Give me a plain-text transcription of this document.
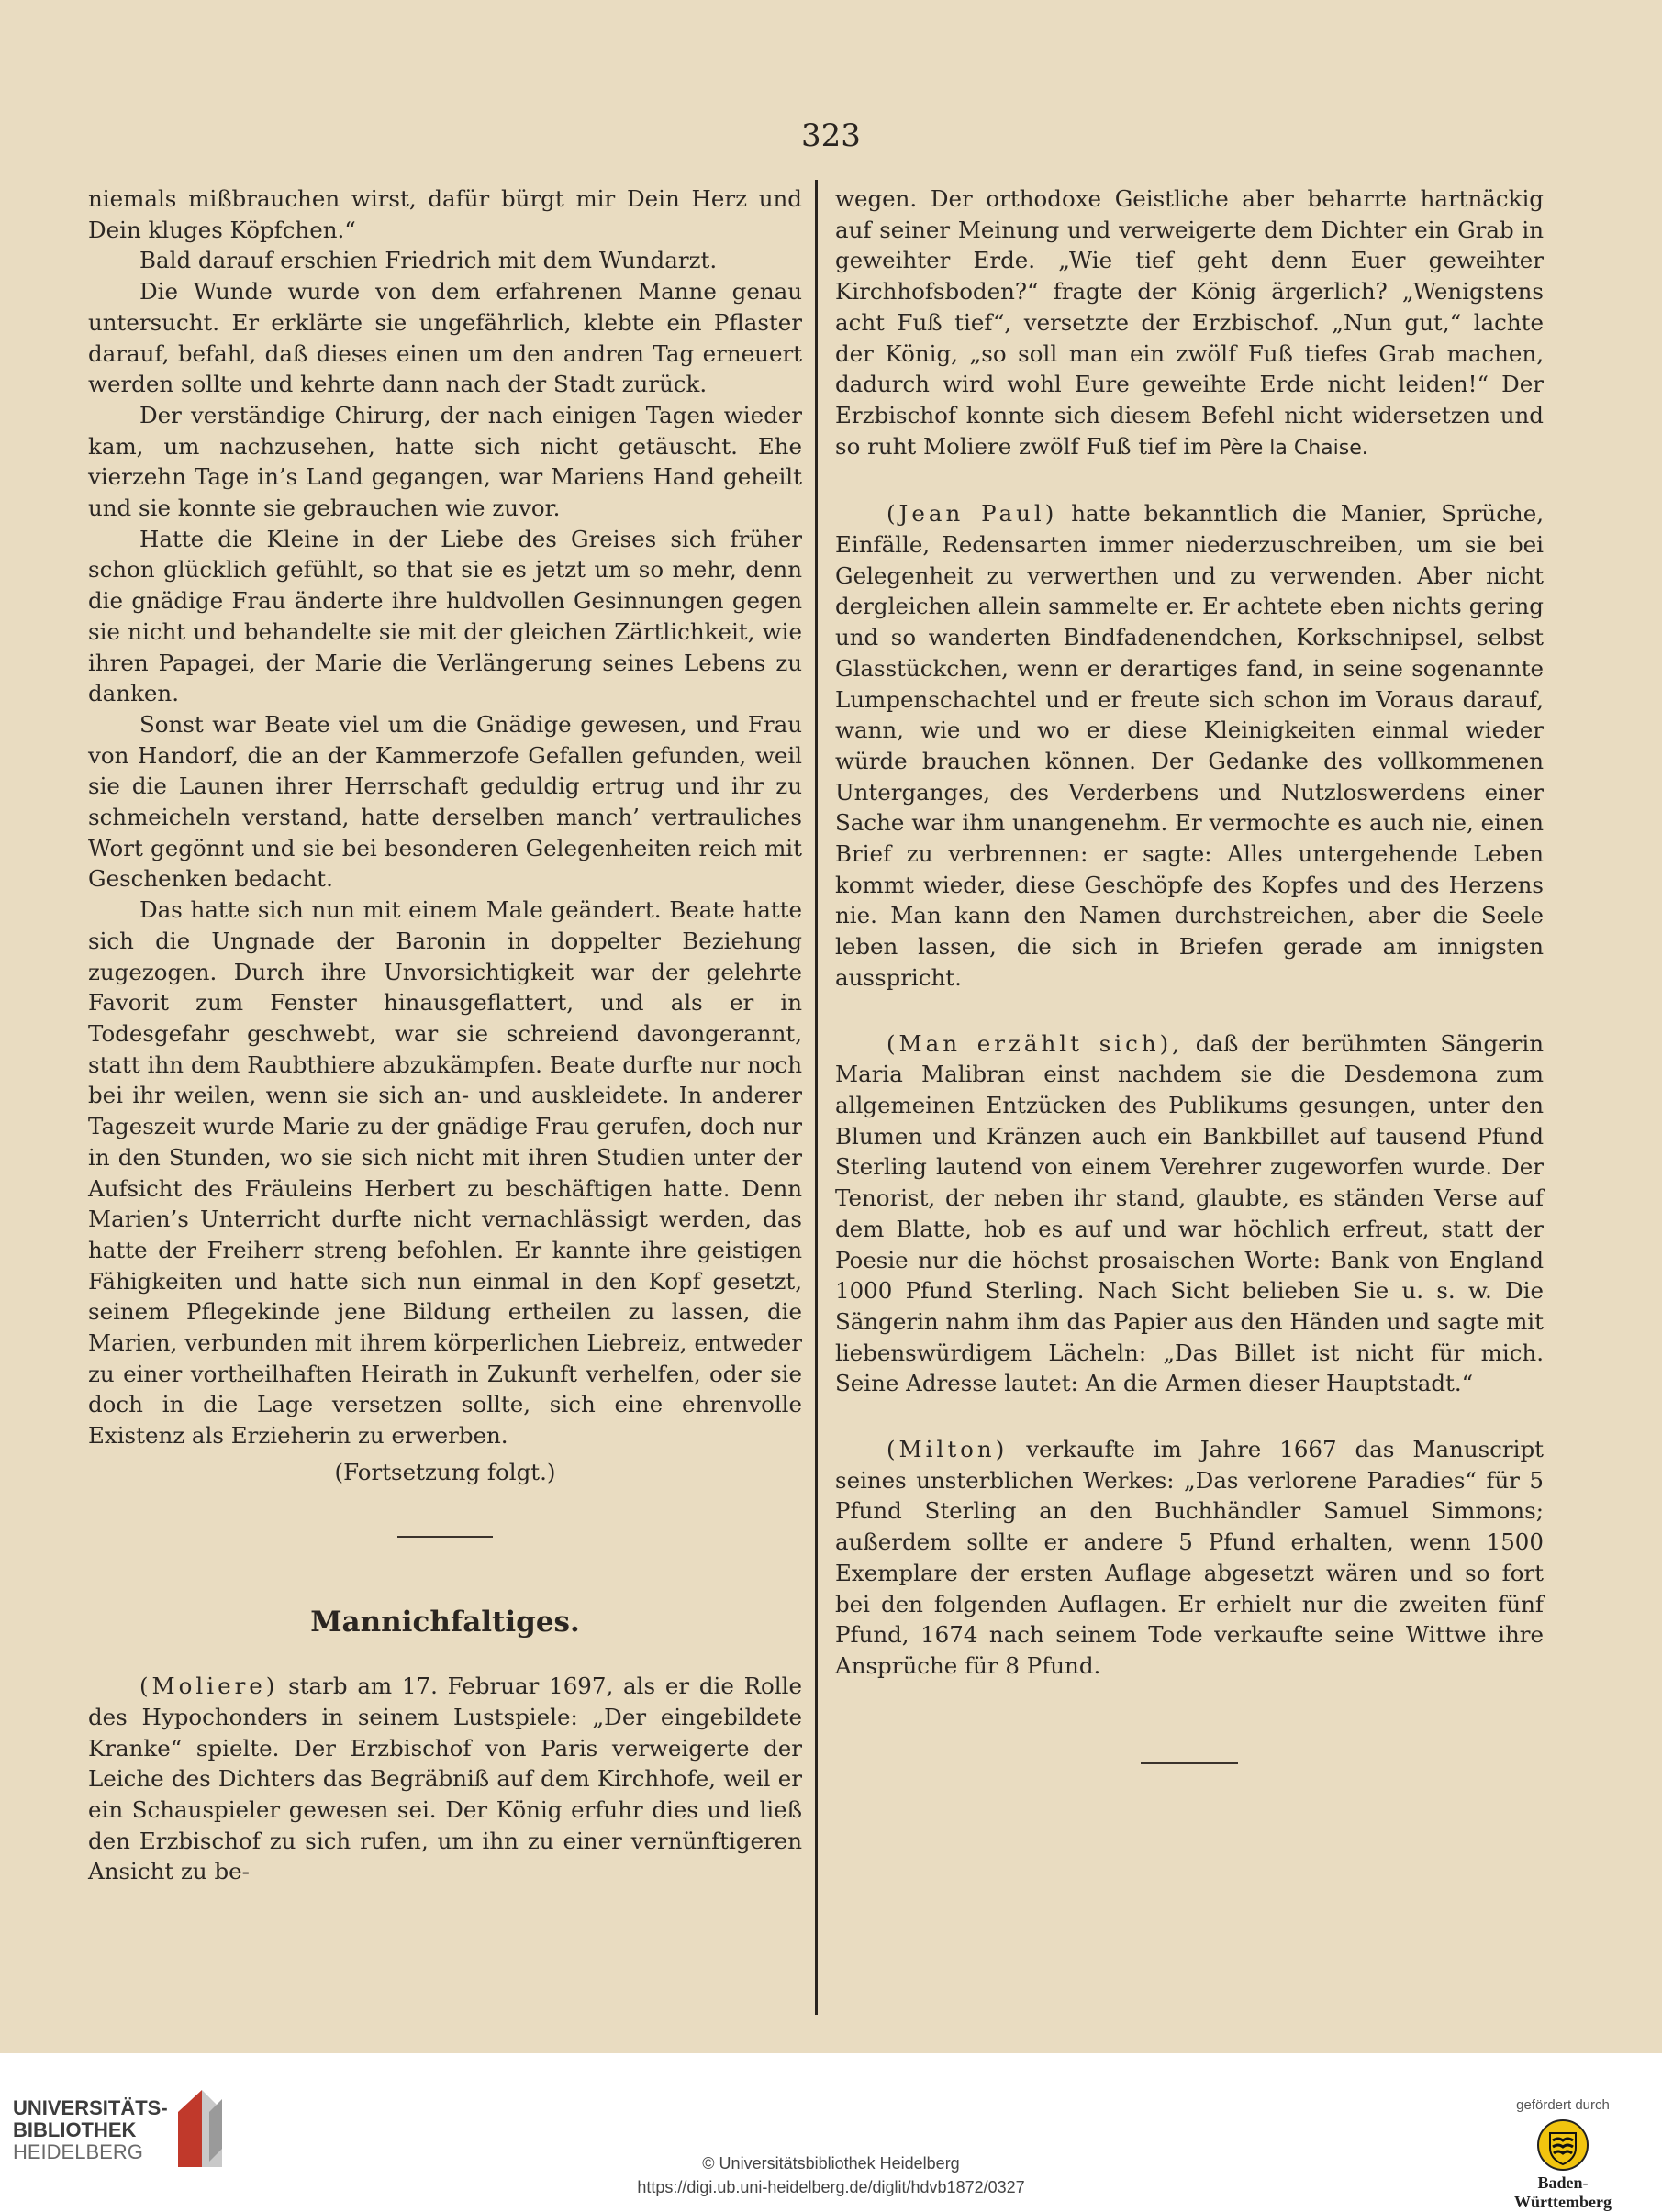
323

niemals mißbrauchen wirst, dafür bürgt mir Dein Herz und Dein kluges Köpfchen.“

Bald darauf erschien Friedrich mit dem Wundarzt.

Die Wunde wurde von dem erfahrenen Manne genau untersucht. Er erklärte sie ungefährlich, klebte ein Pflaster darauf, befahl, daß dieses einen um den andren Tag erneuert werden sollte und kehrte dann nach der Stadt zurück.

Der verständige Chirurg, der nach einigen Tagen wieder kam, um nachzusehen, hatte sich nicht getäuscht. Ehe vierzehn Tage in’s Land gegangen, war Mariens Hand geheilt und sie konnte sie gebrauchen wie zuvor.

Hatte die Kleine in der Liebe des Greises sich früher schon glücklich gefühlt, so that sie es jetzt um so mehr, denn die gnädige Frau änderte ihre huldvollen Gesinnungen gegen sie nicht und behandelte sie mit der gleichen Zärtlichkeit, wie ihren Papagei, der Marie die Verlängerung seines Lebens zu danken.

Sonst war Beate viel um die Gnädige gewesen, und Frau von Handorf, die an der Kammerzofe Gefallen gefunden, weil sie die Launen ihrer Herrschaft geduldig ertrug und ihr zu schmeicheln verstand, hatte derselben manch’ vertrauliches Wort gegönnt und sie bei besonderen Gelegenheiten reich mit Geschenken bedacht.

Das hatte sich nun mit einem Male geändert. Beate hatte sich die Ungnade der Baronin in doppelter Beziehung zugezogen. Durch ihre Unvorsichtigkeit war der gelehrte Favorit zum Fenster hinausgeflattert, und als er in Todesgefahr geschwebt, war sie schreiend davongerannt, statt ihn dem Raubthiere abzukämpfen. Beate durfte nur noch bei ihr weilen, wenn sie sich an- und auskleidete. In anderer Tageszeit wurde Marie zu der gnädige Frau gerufen, doch nur in den Stunden, wo sie sich nicht mit ihren Studien unter der Aufsicht des Fräuleins Herbert zu beschäftigen hatte. Denn Marien’s Unterricht durfte nicht vernachlässigt werden, das hatte der Freiherr streng befohlen. Er kannte ihre geistigen Fähigkeiten und hatte sich nun einmal in den Kopf gesetzt, seinem Pflegekinde jene Bildung ertheilen zu lassen, die Marien, verbunden mit ihrem körperlichen Liebreiz, entweder zu einer vortheilhaften Heirath in Zukunft verhelfen, oder sie doch in die Lage versetzen sollte, sich eine ehrenvolle Existenz als Erzieherin zu erwerben.

(Fortsetzung folgt.)

Mannichfaltiges.

(Moliere) starb am 17. Februar 1697, als er die Rolle des Hypochonders in seinem Lustspiele: „Der eingebildete Kranke“ spielte. Der Erzbischof von Paris verweigerte der Leiche des Dichters das Begräbniß auf dem Kirchhofe, weil er ein Schauspieler gewesen sei. Der König erfuhr dies und ließ den Erzbischof zu sich rufen, um ihn zu einer vernünftigeren Ansicht zu be-

wegen. Der orthodoxe Geistliche aber beharrte hartnäckig auf seiner Meinung und verweigerte dem Dichter ein Grab in geweihter Erde. „Wie tief geht denn Euer geweihter Kirchhofsboden?“ fragte der König ärgerlich? „Wenigstens acht Fuß tief“, versetzte der Erzbischof. „Nun gut,“ lachte der König, „so soll man ein zwölf Fuß tiefes Grab machen, dadurch wird wohl Eure geweihte Erde nicht leiden!“ Der Erzbischof konnte sich diesem Befehl nicht widersetzen und so ruht Moliere zwölf Fuß tief im Père la Chaise.

(Jean Paul) hatte bekanntlich die Manier, Sprüche, Einfälle, Redensarten immer niederzuschreiben, um sie bei Gelegenheit zu verwerthen und zu verwenden. Aber nicht dergleichen allein sammelte er. Er achtete eben nichts gering und so wanderten Bindfadenendchen, Korkschnipsel, selbst Glasstückchen, wenn er derartiges fand, in seine sogenannte Lumpenschachtel und er freute sich schon im Voraus darauf, wann, wie und wo er diese Kleinigkeiten einmal wieder würde brauchen können. Der Gedanke des vollkommenen Unterganges, des Verderbens und Nutzloswerdens einer Sache war ihm unangenehm. Er vermochte es auch nie, einen Brief zu verbrennen: er sagte: Alles untergehende Leben kommt wieder, diese Geschöpfe des Kopfes und des Herzens nie. Man kann den Namen durchstreichen, aber die Seele leben lassen, die sich in Briefen gerade am innigsten ausspricht.

(Man erzählt sich), daß der berühmten Sängerin Maria Malibran einst nachdem sie die Desdemona zum allgemeinen Entzücken des Publikums gesungen, unter den Blumen und Kränzen auch ein Bankbillet auf tausend Pfund Sterling lautend von einem Verehrer zugeworfen wurde. Der Tenorist, der neben ihr stand, glaubte, es ständen Verse auf dem Blatte, hob es auf und war höchlich erfreut, statt der Poesie nur die höchst prosaischen Worte: Bank von England 1000 Pfund Sterling. Nach Sicht belieben Sie u. s. w. Die Sängerin nahm ihm das Papier aus den Händen und sagte mit liebenswürdigem Lächeln: „Das Billet ist nicht für mich. Seine Adresse lautet: An die Armen dieser Hauptstadt.“

(Milton) verkaufte im Jahre 1667 das Manuscript seines unsterblichen Werkes: „Das verlorene Paradies“ für 5 Pfund Sterling an den Buchhändler Samuel Simmons; außerdem sollte er andere 5 Pfund erhalten, wenn 1500 Exemplare der ersten Auflage abgesetzt wären und so fort bei den folgenden Auflagen. Er erhielt nur die zweiten fünf Pfund, 1674 nach seinem Tode verkaufte seine Wittwe ihre Ansprüche für 8 Pfund.

UNIVERSITÄTS-
BIBLIOTHEK
HEIDELBERG	© Universitätsbibliothek Heidelberg
https://digi.ub.uni-heidelberg.de/diglit/hdvb1872/0327
gefördert durch
Baden-Württemberg
